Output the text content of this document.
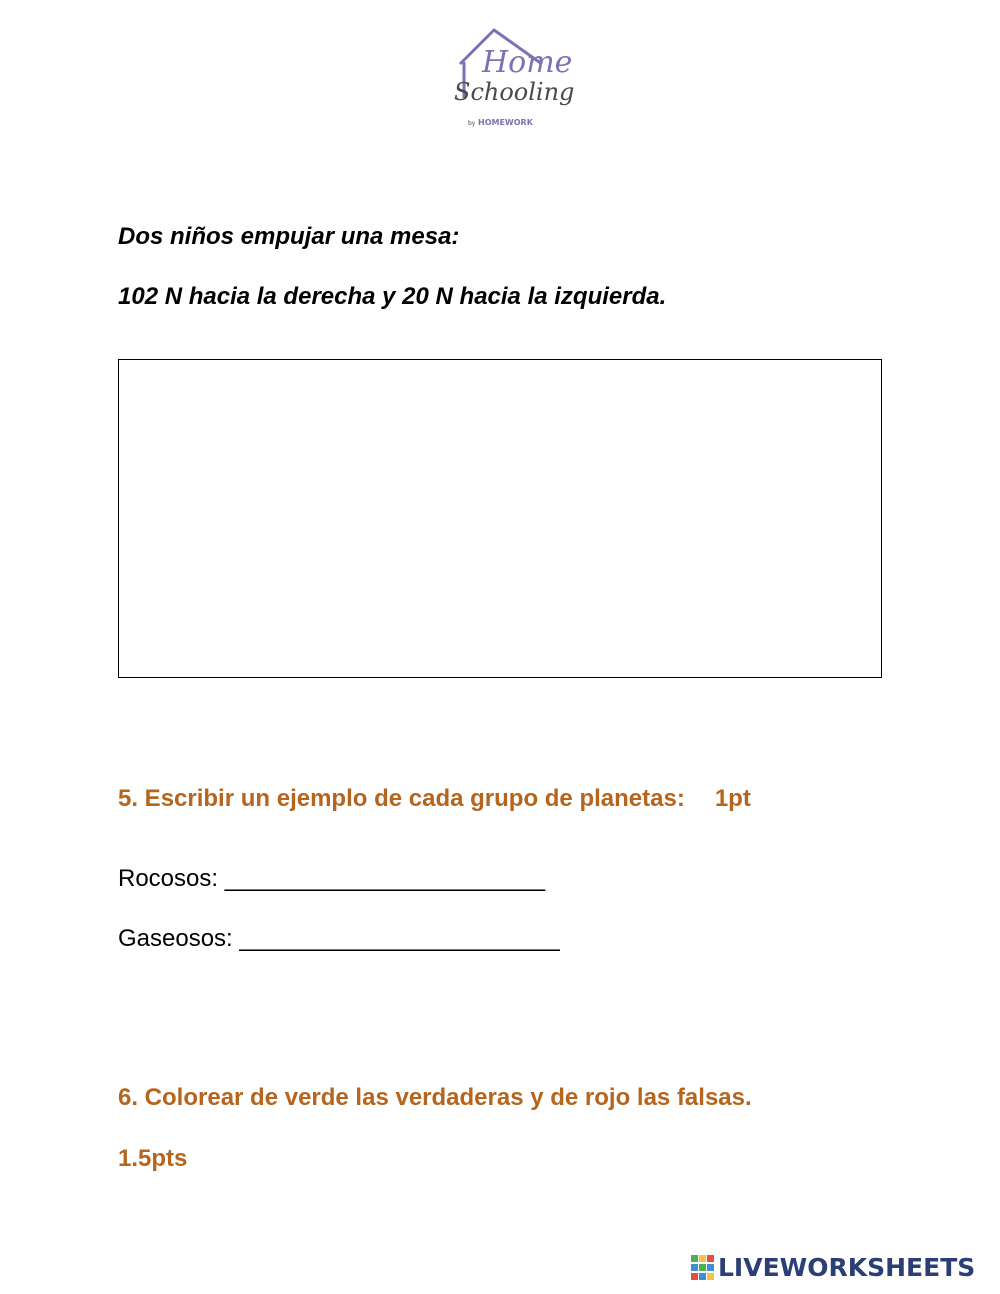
Home
Schooling
by HOMEWORK

Dos niños empujar una mesa:

102 N hacia la derecha y 20 N hacia la izquierda.

5. Escribir un ejemplo de cada grupo de planetas: 1pt

Rocosos: ________________________

Gaseosos: ________________________

6. Colorear de verde las verdaderas y de rojo las falsas.

1.5pts

LIVEWORKSHEETS
